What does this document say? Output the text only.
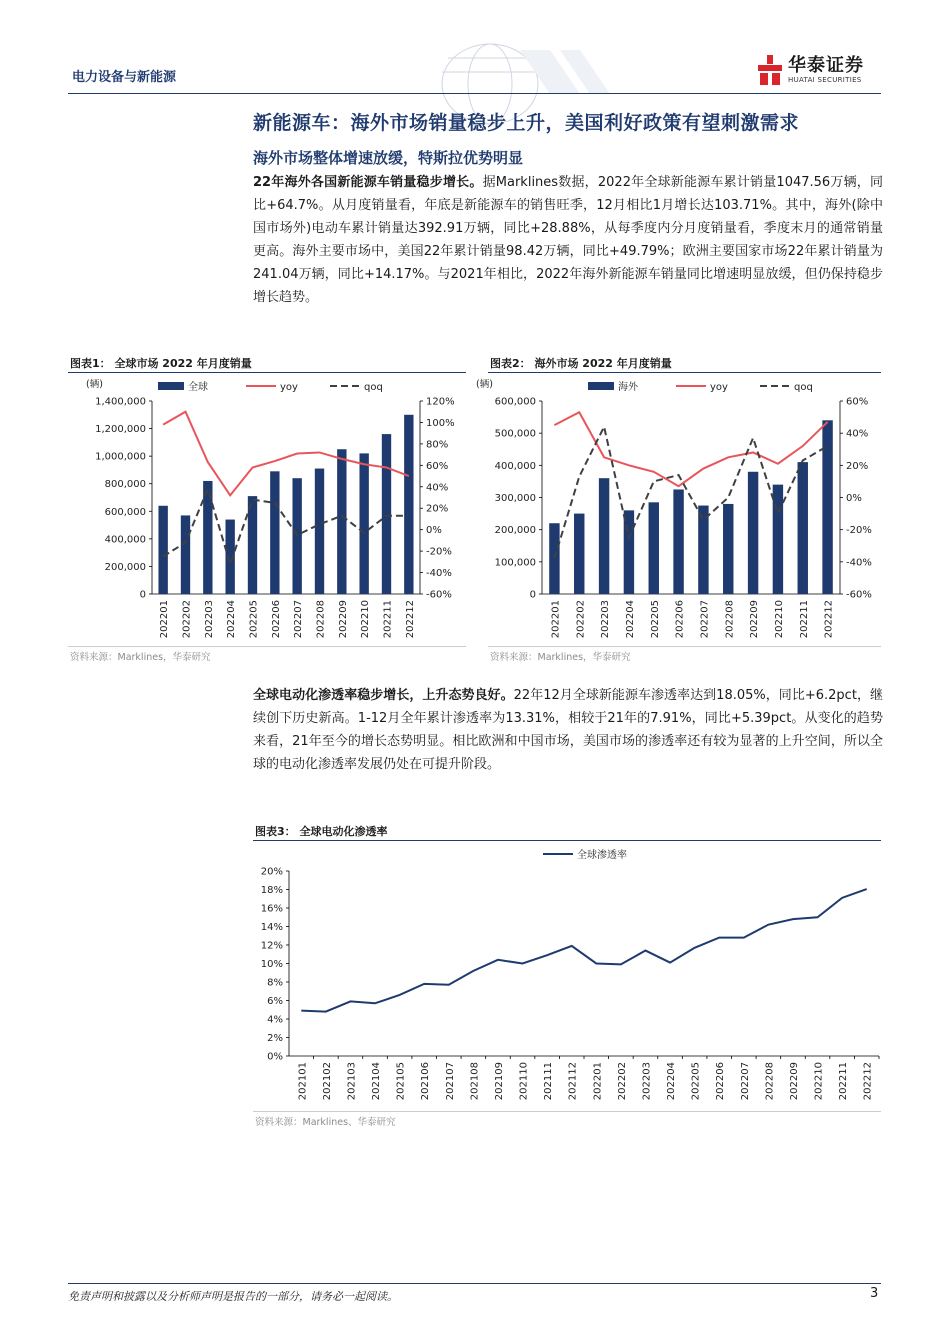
电力设备与新能源
华泰证券
HUATAI SECURITIES
新能源车：海外市场销量稳步上升，美国利好政策有望刺激需求
海外市场整体增速放缓，特斯拉优势明显
22年海外各国新能源车销量稳步增长。据Marklines数据，2022年全球新能源车累计销量1047.56万辆，同比+64.7%。从月度销量看，年底是新能源车的销售旺季，12月相比1月增长达103.71%。其中，海外(除中国市场外)电动车累计销量达392.91万辆，同比+28.88%，从每季度内分月度销量看，季度末月的通常销量更高。海外主要市场中，美国22年累计销量98.42万辆，同比+49.79%；欧洲主要国家市场22年累计销量为241.04万辆，同比+14.17%。与2021年相比，2022年海外新能源车销量同比增速明显放缓，但仍保持稳步增长趋势。
图表1： 全球市场 2022 年月度销量
0
200,000
400,000
600,000
800,000
1,000,000
1,200,000
1,400,000
-60%
-40%
-20%
0%
20%
40%
60%
80%
100%
120%
(辆)
202201 202202 202203 202204 202205 202206 202207 202208 202209 202210 202211 202212
全球	yoy	qoq
资料来源：Marklines，华泰研究
图表2： 海外市场 2022 年月度销量
0
100,000
200,000
300,000
400,000
500,000
600,000
-60%
-40%
-20%
0%
20%
40%
60%
(辆)
202201 202202 202203 202204 202205 202206 202207 202208 202209 202210 202211 202212
海外	yoy	qoq
资料来源：Marklines，华泰研究
全球电动化渗透率稳步增长，上升态势良好。22年12月全球新能源车渗透率达到18.05%，同比+6.2pct，继续创下历史新高。1-12月全年累计渗透率为13.31%，相较于21年的7.91%，同比+5.39pct。从变化的趋势来看，21年至今的增长态势明显。相比欧洲和中国市场，美国市场的渗透率还有较为显著的上升空间，所以全球的电动化渗透率发展仍处在可提升阶段。
图表3： 全球电动化渗透率
0%
2%
4%
6%
8%
10%
12%
14%
16%
18%
20%
202101 202102 202103 202104 202105 202106 202107 202108 202109 202110 202111 202112 202201 202202 202203 202204 202205 202206 202207 202208 202209 202210 202211 202212
全球渗透率
资料来源：Marklines、华泰研究
免责声明和披露以及分析师声明是报告的一部分，请务必一起阅读。	3
